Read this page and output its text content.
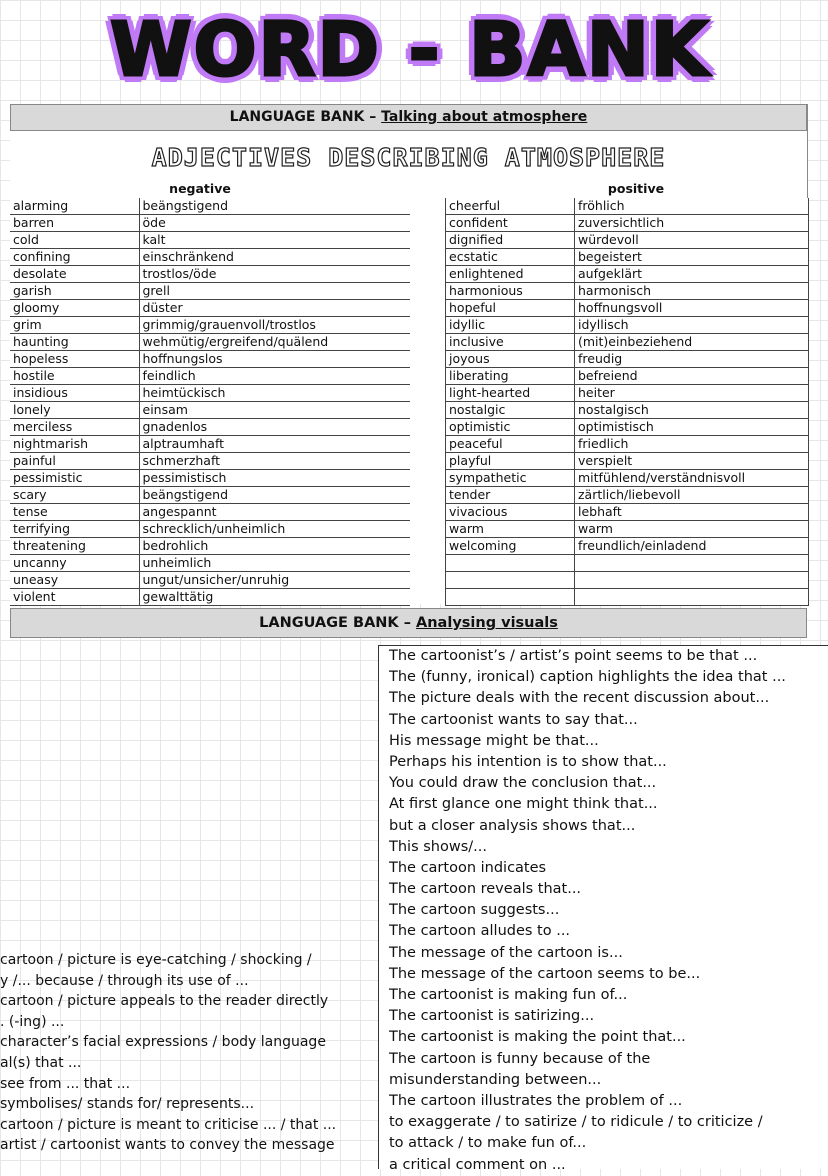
WORD - BANK
LANGUAGE BANK – Talking about atmosphere
ADJECTIVES DESCRIBING ATMOSPHERE
negative	positive
alarming	beängstigend
barren	öde
cold	kalt
confining	einschränkend
desolate	trostlos/öde
garish	grell
gloomy	düster
grim	grimmig/grauenvoll/trostlos
haunting	wehmütig/ergreifend/quälend
hopeless	hoffnungslos
hostile	feindlich
insidious	heimtückisch
lonely	einsam
merciless	gnadenlos
nightmarish	alptraumhaft
painful	schmerzhaft
pessimistic	pessimistisch
scary	beängstigend
tense	angespannt
terrifying	schrecklich/unheimlich
threatening	bedrohlich
uncanny	unheimlich
uneasy	ungut/unsicher/unruhig
violent	gewalttätig
cheerful	fröhlich
confident	zuversichtlich
dignified	würdevoll
ecstatic	begeistert
enlightened	aufgeklärt
harmonious	harmonisch
hopeful	hoffnungsvoll
idyllic	idyllisch
inclusive	(mit)einbeziehend
joyous	freudig
liberating	befreiend
light-hearted	heiter
nostalgic	nostalgisch
optimistic	optimistisch
peaceful	friedlich
playful	verspielt
sympathetic	mitfühlend/verständnisvoll
tender	zärtlich/liebevoll
vivacious	lebhaft
warm	warm
welcoming	freundlich/einladend

LANGUAGE BANK – Analysing visuals
cartoon / picture is eye-catching / shocking /
y /... because / through its use of ...
cartoon / picture appeals to the reader directly
. (-ing) ...
character’s facial expressions / body language
al(s) that ...
see from ... that ...
symbolises/ stands for/ represents...
cartoon / picture is meant to criticise ... / that ...
artist / cartoonist wants to convey the message
The cartoonist’s / artist’s point seems to be that ...
The (funny, ironical) caption highlights the idea that ...
The picture deals with the recent discussion about...
The cartoonist wants to say that...
His message might be that...
Perhaps his intention is to show that...
You could draw the conclusion that...
At first glance one might think that...
but a closer analysis shows that...
This shows/...
The cartoon indicates
The cartoon reveals that...
The cartoon suggests...
The cartoon alludes to ...
The message of the cartoon is...
The message of the cartoon seems to be...
The cartoonist is making fun of...
The cartoonist is satirizing...
The cartoonist is making the point that...
The cartoon is funny because of the
misunderstanding between...
The cartoon illustrates the problem of ...
to exaggerate / to satirize / to ridicule / to criticize /
to attack / to make fun of...
a critical comment on ...
